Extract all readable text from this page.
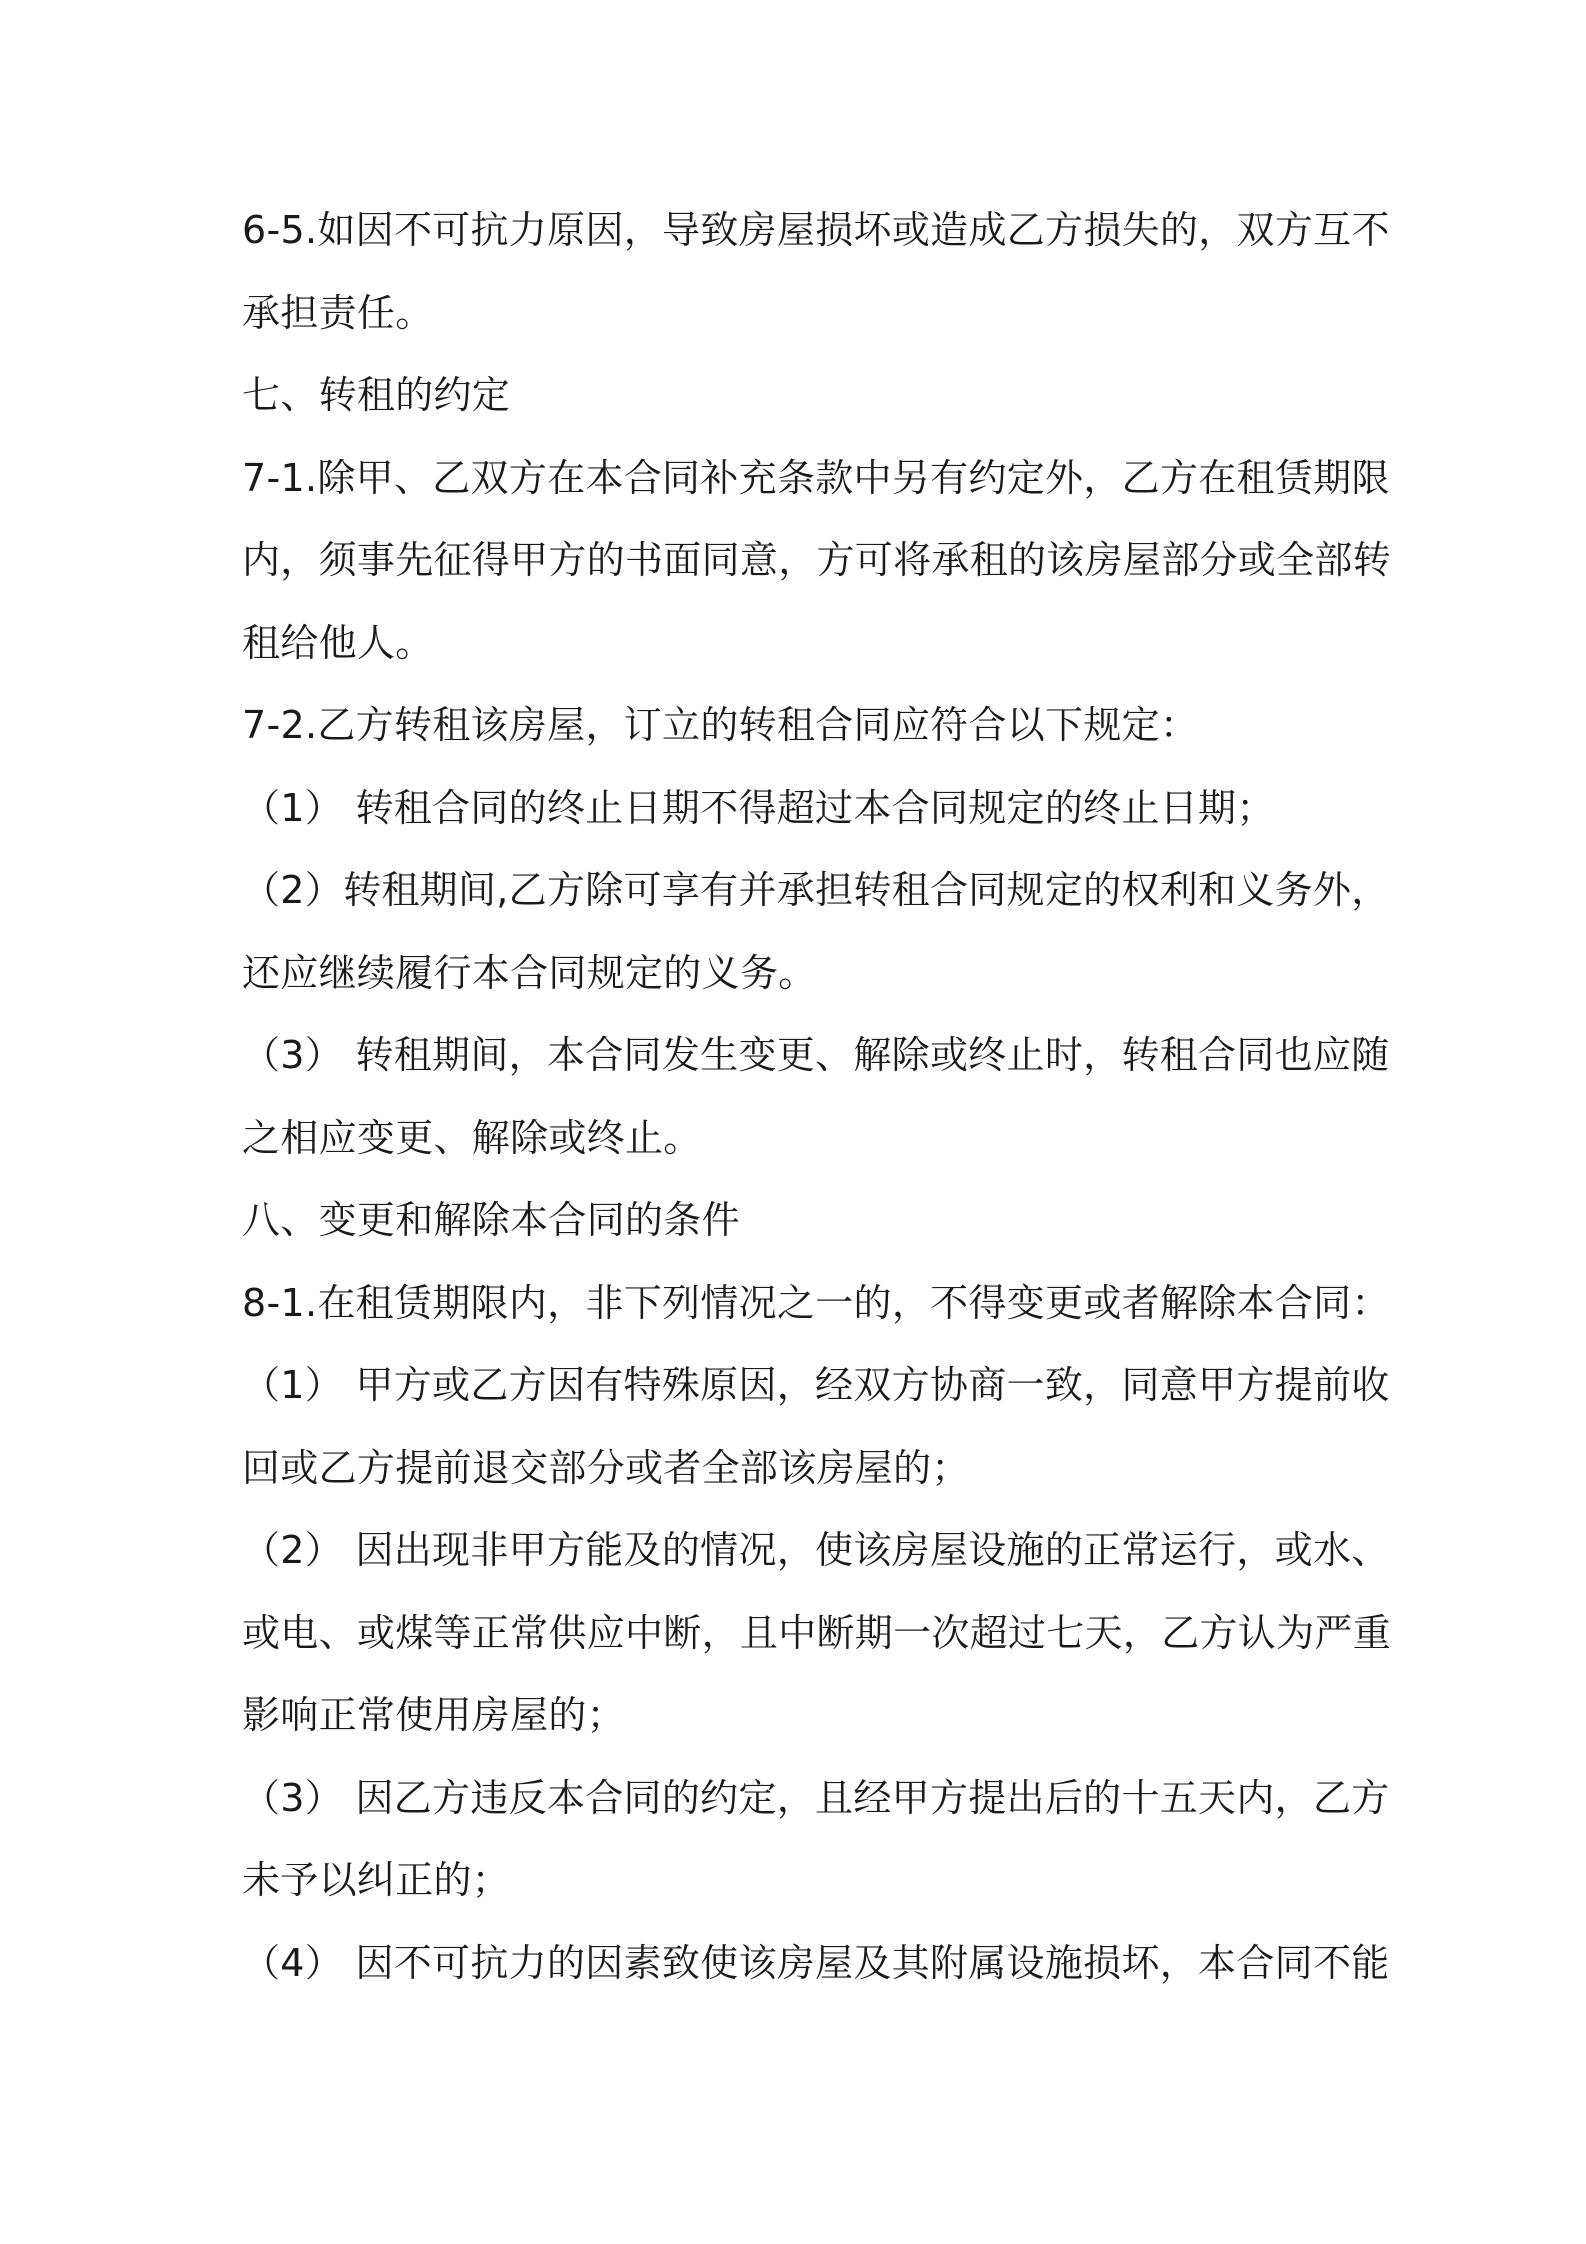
6-5.如因不可抗力原因，导致房屋损坏或造成乙方损失的，双方互不
承担责任。
七、转租的约定
7-1.除甲、乙双方在本合同补充条款中另有约定外，乙方在租赁期限
内，须事先征得甲方的书面同意，方可将承租的该房屋部分或全部转
租给他人。
7-2.乙方转租该房屋，订立的转租合同应符合以下规定：
（1） 转租合同的终止日期不得超过本合同规定的终止日期；
（2）转租期间,乙方除可享有并承担转租合同规定的权利和义务外，
还应继续履行本合同规定的义务。
（3） 转租期间，本合同发生变更、解除或终止时，转租合同也应随
之相应变更、解除或终止。
八、变更和解除本合同的条件
8-1.在租赁期限内，非下列情况之一的，不得变更或者解除本合同：
（1） 甲方或乙方因有特殊原因，经双方协商一致，同意甲方提前收
回或乙方提前退交部分或者全部该房屋的；
（2） 因出现非甲方能及的情况，使该房屋设施的正常运行，或水、
或电、或煤等正常供应中断，且中断期一次超过七天，乙方认为严重
影响正常使用房屋的；
（3） 因乙方违反本合同的约定，且经甲方提出后的十五天内，乙方
未予以纠正的；
（4） 因不可抗力的因素致使该房屋及其附属设施损坏，本合同不能
